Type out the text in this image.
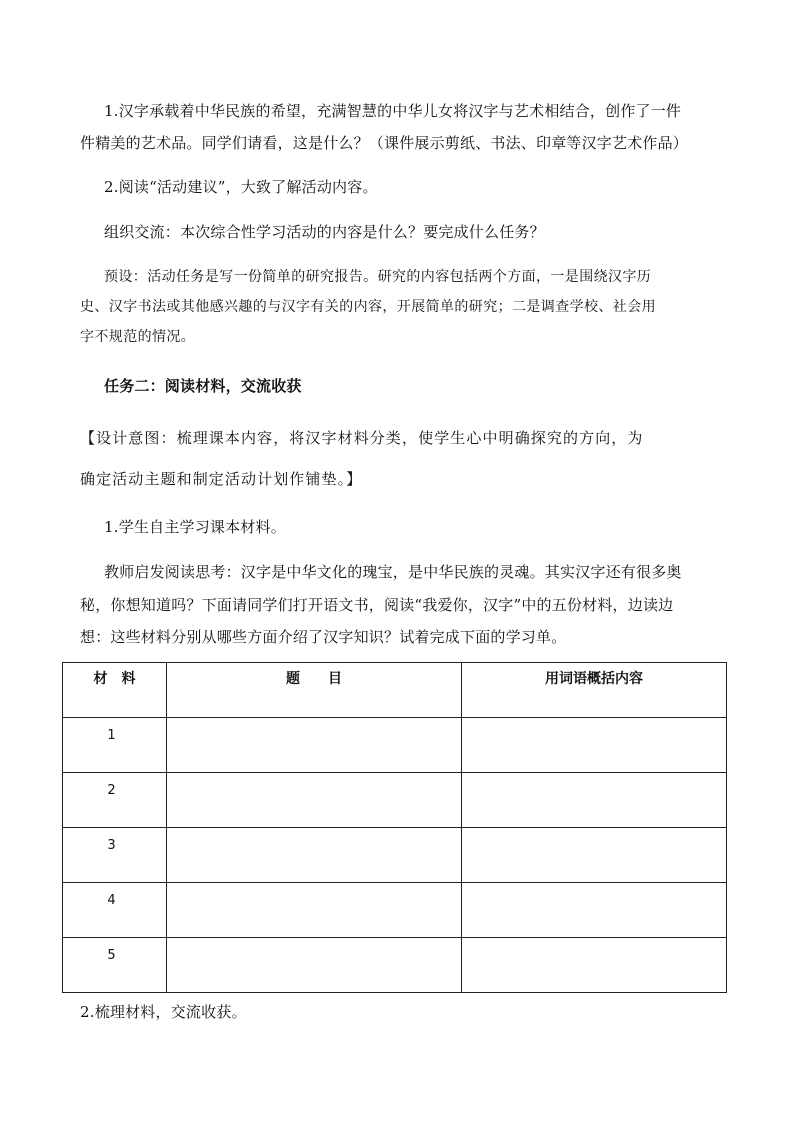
1.汉字承载着中华民族的希望，充满智慧的中华儿女将汉字与艺术相结合，创作了一件

件精美的艺术品。同学们请看，这是什么？（课件展示剪纸、书法、印章等汉字艺术作品）

2.阅读“活动建议”，大致了解活动内容。

组织交流：本次综合性学习活动的内容是什么？要完成什么任务？

预设：活动任务是写一份简单的研究报告。研究的内容包括两个方面，一是围绕汉字历

史、汉字书法或其他感兴趣的与汉字有关的内容，开展简单的研究；二是调查学校、社会用

字不规范的情况。

任务二：阅读材料，交流收获

【设计意图：梳理课本内容，将汉字材料分类，使学生心中明确探究的方向，为

确定活动主题和制定活动计划作铺垫。】

1.学生自主学习课本材料。

教师启发阅读思考：汉字是中华文化的瑰宝，是中华民族的灵魂。其实汉字还有很多奥

秘，你想知道吗？下面请同学们打开语文书，阅读“我爱你，汉字”中的五份材料，边读边

想：这些材料分别从哪些方面介绍了汉字知识？试着完成下面的学习单。

材　料	题　　目	用词语概括内容
1		
2		
3		
4		
5		

2.梳理材料，交流收获。
